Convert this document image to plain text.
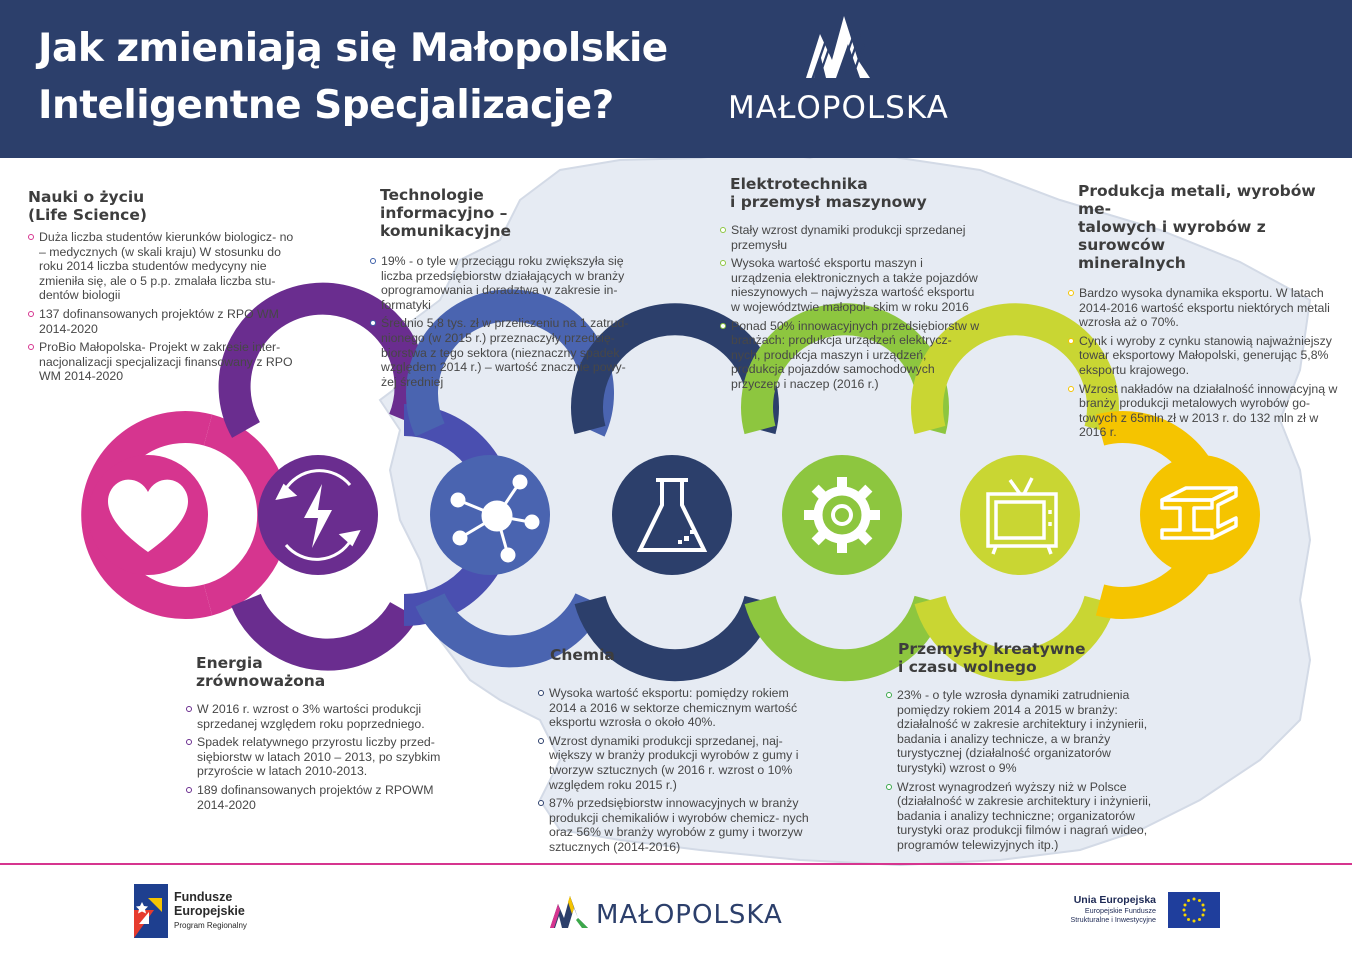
Jak zmieniają się Małopolskie
Inteligentne Specjalizacje?	MAŁOPOLSKA
Nauki o życiu
(Life Science)
Duża liczba studentów kierunków biologicz- no – medycznych (w skali kraju) W stosunku do roku 2014 liczba studentów medycyny nie zmieniła się, ale o 5 p.p. zmalała liczba stu- dentów biologii
137 dofinansowanych projektów z RPO WM 2014-2020
ProBio Małopolska- Projekt w zakresie inter- nacjonalizacji specjalizacji finansowany z RPO WM 2014-2020
Technologie
informacyjno –
komunikacyjne
19% - o tyle w przeciągu roku zwiększyła się liczba przedsiębiorstw działających w branży oprogramowania i doradztwa w zakresie in- formatyki
Średnio 5,8 tys. zł w przeliczeniu na 1 zatrud- nionego (w 2015 r.) przeznaczyły przedsię- biorstwa z tego sektora (nieznaczny spadek względem 2014 r.) – wartość znacznie powy- żej średniej
Elektrotechnika
i przemysł maszynowy
Stały wzrost dynamiki produkcji sprzedanej przemysłu
Wysoka wartość eksportu maszyn i urządzenia elektronicznych a także pojazdów nieszynowych – najwyższa wartość eksportu w województwie małopol- skim w roku 2016
Ponad 50% innowacyjnych przedsiębiorstw w branżach: produkcja urządzeń elektrycz- nych, produkcja maszyn i urządzeń, produkcja pojazdów samochodowych przyczep i naczep (2016 r.)
Produkcja metali, wyrobów me-
talowych i wyrobów z surowców
mineralnych
Bardzo wysoka dynamika eksportu. W latach 2014-2016 wartość eksportu niektórych metali wzrosła aż o 70%.
Cynk i wyroby z cynku stanowią najważniejszy towar eksportowy Małopolski, generując 5,8% eksportu krajowego.
Wzrost nakładów na działalność innowacyjną w branży produkcji metalowych wyrobów go- towych z 65mln zł w 2013 r. do 132 mln zł w 2016 r.
Energia
zrównoważona
W 2016 r. wzrost o 3% wartości produkcji sprzedanej względem roku poprzedniego.
Spadek relatywnego przyrostu liczby przed- siębiorstw w latach 2010 – 2013, po szybkim przyroście w latach 2010-2013.
189 dofinansowanych projektów z RPOWM 2014-2020
Chemia
Wysoka wartość eksportu: pomiędzy rokiem 2014 a 2016 w sektorze chemicznym wartość eksportu wzrosła o około 40%.
Wzrost dynamiki produkcji sprzedanej, naj- większy w branży produkcji wyrobów z gumy i tworzyw sztucznych (w 2016 r. wzrost o 10% względem roku 2015 r.)
87% przedsiębiorstw innowacyjnych w branży produkcji chemikaliów i wyrobów chemicz- nych oraz 56% w branży wyrobów z gumy i tworzyw sztucznych (2014-2016)
Przemysły kreatywne
i czasu wolnego
23% - o tyle wzrosła dynamiki zatrudnienia pomiędzy rokiem 2014 a 2015 w branży: działalność w zakresie architektury i inżynierii, badania i analizy technicze, a w branży turystycznej (działalność organizatorów turystyki) wzrost o 9%
Wzrost wynagrodzeń wyższy niż w Polsce (działalność w zakresie architektury i inżynierii, badania i analizy techniczne; organizatorów turystyki oraz produkcji filmów i nagrań wideo, programów telewizyjnych itp.)
Fundusze
Europejskie
Program Regionalny	MAŁOPOLSKA	Unia Europejska
Europejskie Fundusze
Strukturalne i Inwestycyjne
